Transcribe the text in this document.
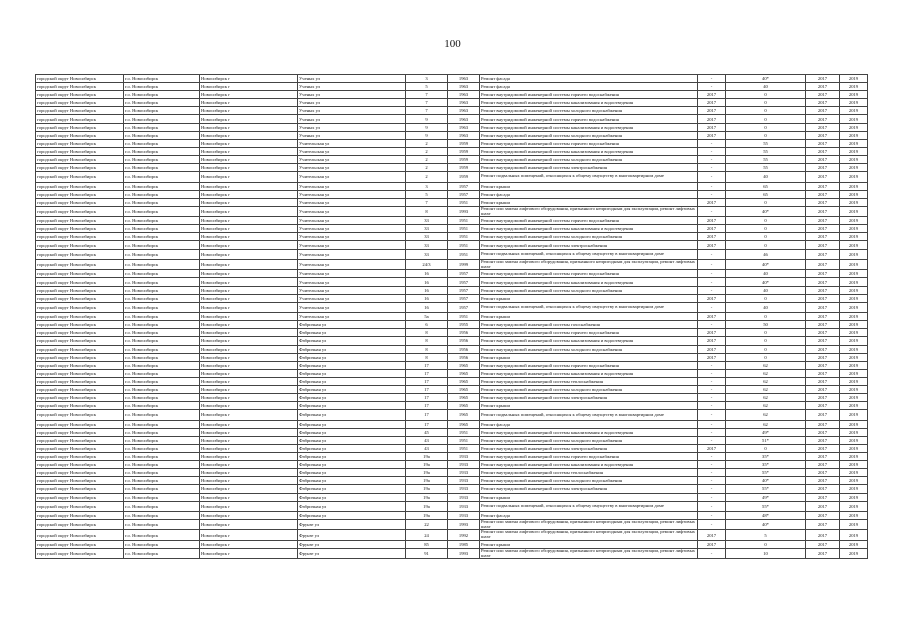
100
городской округ Новосибирск	г.о. Новосибирск	Новосибирск г	Ученых ул	3	1963	Ремонт фасада	-	40*	2017	2019
городской округ Новосибирск	г.о. Новосибирск	Новосибирск г	Ученых ул	5	1963	Ремонт фасада	-	40	2017	2019
городской округ Новосибирск	г.о. Новосибирск	Новосибирск г	Ученых ул	7	1963	Ремонт внутридомовой инженерной системы горячего водоснабжения	2017	0	2017	2019
городской округ Новосибирск	г.о. Новосибирск	Новосибирск г	Ученых ул	7	1963	Ремонт внутридомовой инженерной системы канализования и водоотведения	2017	0	2017	2019
городской округ Новосибирск	г.о. Новосибирск	Новосибирск г	Ученых ул	7	1963	Ремонт внутридомовой инженерной системы холодного водоснабжения	2017	0	2017	2019
городской округ Новосибирск	г.о. Новосибирск	Новосибирск г	Ученых ул	9	1963	Ремонт внутридомовой инженерной системы горячего водоснабжения	2017	0	2017	2019
городской округ Новосибирск	г.о. Новосибирск	Новосибирск г	Ученых ул	9	1963	Ремонт внутридомовой инженерной системы канализования и водоотведения	2017	0	2017	2019
городской округ Новосибирск	г.о. Новосибирск	Новосибирск г	Ученых ул	9	1963	Ремонт внутридомовой инженерной системы холодного водоснабжения	2017	0	2017	2019
городской округ Новосибирск	г.о. Новосибирск	Новосибирск г	Учительская ул	2	1959	Ремонт внутридомовой инженерной системы горячего водоснабжения	-	55	2017	2019
городской округ Новосибирск	г.о. Новосибирск	Новосибирск г	Учительская ул	2	1959	Ремонт внутридомовой инженерной системы канализования и водоотведения	-	55	2017	2019
городской округ Новосибирск	г.о. Новосибирск	Новосибирск г	Учительская ул	2	1959	Ремонт внутридомовой инженерной системы холодного водоснабжения	-	55	2017	2019
городской округ Новосибирск	г.о. Новосибирск	Новосибирск г	Учительская ул	2	1959	Ремонт внутридомовой инженерной системы электроснабжения	-	55	2017	2019
городской округ Новосибирск	г.о. Новосибирск	Новосибирск г	Учительская ул	2	1959	Ремонт подвальных помещений, относящихся к общему имуществу в многоквартирном доме	-	40	2017	2019
городской округ Новосибирск	г.о. Новосибирск	Новосибирск г	Учительская ул	3	1957	Ремонт крыши	-	65	2017	2019
городской округ Новосибирск	г.о. Новосибирск	Новосибирск г	Учительская ул	5	1957	Ремонт фасада	-	65	2017	2019
городской округ Новосибирск	г.о. Новосибирск	Новосибирск г	Учительская ул	7	1951	Ремонт крыши	2017	0	2017	2019
городской округ Новосибирск	г.о. Новосибирск	Новосибирск г	Учительская ул	8	1993	Ремонт или замена лифтового оборудования, признанного непригодным для эксплуатации, ремонт лифтовых шахт	-	40*	2017	2019
городской округ Новосибирск	г.о. Новосибирск	Новосибирск г	Учительская ул	33	1951	Ремонт внутридомовой инженерной системы горячего водоснабжения	2017	0	2017	2019
городской округ Новосибирск	г.о. Новосибирск	Новосибирск г	Учительская ул	33	1951	Ремонт внутридомовой инженерной системы канализования и водоотведения	2017	0	2017	2019
городской округ Новосибирск	г.о. Новосибирск	Новосибирск г	Учительская ул	33	1951	Ремонт внутридомовой инженерной системы холодного водоснабжения	2017	0	2017	2019
городской округ Новосибирск	г.о. Новосибирск	Новосибирск г	Учительская ул	33	1951	Ремонт внутридомовой инженерной системы электроснабжения	2017	0	2017	2019
городской округ Новосибирск	г.о. Новосибирск	Новосибирск г	Учительская ул	33	1951	Ремонт подвальных помещений, относящихся к общему имуществу в многоквартирном доме	-	46	2017	2019
городской округ Новосибирск	г.о. Новосибирск	Новосибирск г	Учительская ул	24/3	1999	Ремонт или замена лифтового оборудования, признанного непригодным для эксплуатации, ремонт лифтовых шахт	-	40*	2017	2019
городской округ Новосибирск	г.о. Новосибирск	Новосибирск г	Учительская ул	16	1957	Ремонт внутридомовой инженерной системы горячего водоснабжения	-	40	2017	2019
городской округ Новосибирск	г.о. Новосибирск	Новосибирск г	Учительская ул	16	1957	Ремонт внутридомовой инженерной системы канализования и водоотведения	-	40*	2017	2019
городской округ Новосибирск	г.о. Новосибирск	Новосибирск г	Учительская ул	16	1957	Ремонт внутридомовой инженерной системы холодного водоснабжения	-	40	2017	2019
городской округ Новосибирск	г.о. Новосибирск	Новосибирск г	Учительская ул	16	1957	Ремонт крыши	2017	0	2017	2019
городской округ Новосибирск	г.о. Новосибирск	Новосибирск г	Учительская ул	16	1957	Ремонт подвальных помещений, относящихся к общему имуществу в многоквартирном доме	-	40	2017	2019
городской округ Новосибирск	г.о. Новосибирск	Новосибирск г	Учительская ул	5а	1951	Ремонт крыши	2017	0	2017	2019
городской округ Новосибирск	г.о. Новосибирск	Новосибирск г	Фабричная ул	6	1955	Ремонт внутридомовой инженерной системы газоснабжения	-	50	2017	2019
городской округ Новосибирск	г.о. Новосибирск	Новосибирск г	Фабричная ул	8	1956	Ремонт внутридомовой инженерной системы горячего водоснабжения	2017	0	2017	2019
городской округ Новосибирск	г.о. Новосибирск	Новосибирск г	Фабричная ул	8	1956	Ремонт внутридомовой инженерной системы канализования и водоотведения	2017	0	2017	2019
городской округ Новосибирск	г.о. Новосибирск	Новосибирск г	Фабричная ул	8	1956	Ремонт внутридомовой инженерной системы холодного водоснабжения	2017	0	2017	2019
городской округ Новосибирск	г.о. Новосибирск	Новосибирск г	Фабричная ул	8	1956	Ремонт крыши	2017	0	2017	2019
городской округ Новосибирск	г.о. Новосибирск	Новосибирск г	Фабричная ул	17	1965	Ремонт внутридомовой инженерной системы горячего водоснабжения	-	62	2017	2019
городской округ Новосибирск	г.о. Новосибирск	Новосибирск г	Фабричная ул	17	1965	Ремонт внутридомовой инженерной системы канализования и водоотведения	-	62	2017	2019
городской округ Новосибирск	г.о. Новосибирск	Новосибирск г	Фабричная ул	17	1965	Ремонт внутридомовой инженерной системы теплоснабжения	-	62	2017	2019
городской округ Новосибирск	г.о. Новосибирск	Новосибирск г	Фабричная ул	17	1965	Ремонт внутридомовой инженерной системы холодного водоснабжения	-	62	2017	2019
городской округ Новосибирск	г.о. Новосибирск	Новосибирск г	Фабричная ул	17	1965	Ремонт внутридомовой инженерной системы электроснабжения	-	62	2017	2019
городской округ Новосибирск	г.о. Новосибирск	Новосибирск г	Фабричная ул	17	1965	Ремонт крыши	-	62	2017	2019
городской округ Новосибирск	г.о. Новосибирск	Новосибирск г	Фабричная ул	17	1965	Ремонт подвальных помещений, относящихся к общему имуществу в многоквартирном доме	-	62	2017	2019
городской округ Новосибирск	г.о. Новосибирск	Новосибирск г	Фабричная ул	17	1965	Ремонт фасада	-	62	2017	2019
городской округ Новосибирск	г.о. Новосибирск	Новосибирск г	Фабричная ул	45	1951	Ремонт внутридомовой инженерной системы канализования и водоотведения	-	49*	2017	2019
городской округ Новосибирск	г.о. Новосибирск	Новосибирск г	Фабричная ул	43	1951	Ремонт внутридомовой инженерной системы холодного водоснабжения	-	51*	2017	2019
городской округ Новосибирск	г.о. Новосибирск	Новосибирск г	Фабричная ул	43	1951	Ремонт внутридомовой инженерной системы электроснабжения	2017	0	2017	2019
городской округ Новосибирск	г.о. Новосибирск	Новосибирск г	Фабричная ул	19а	1933	Ремонт внутридомовой инженерной системы горячего водоснабжения	-	35*	2017	2019
городской округ Новосибирск	г.о. Новосибирск	Новосибирск г	Фабричная ул	19а	1933	Ремонт внутридомовой инженерной системы канализования и водоотведения	-	35*	2017	2019
городской округ Новосибирск	г.о. Новосибирск	Новосибирск г	Фабричная ул	19а	1933	Ремонт внутридомовой инженерной системы теплоснабжения	-	55*	2017	2019
городской округ Новосибирск	г.о. Новосибирск	Новосибирск г	Фабричная ул	19а	1933	Ремонт внутридомовой инженерной системы холодного водоснабжения	-	40*	2017	2019
городской округ Новосибирск	г.о. Новосибирск	Новосибирск г	Фабричная ул	19а	1933	Ремонт внутридомовой инженерной системы электроснабжения	-	55*	2017	2019
городской округ Новосибирск	г.о. Новосибирск	Новосибирск г	Фабричная ул	19а	1933	Ремонт крыши	-	49*	2017	2019
городской округ Новосибирск	г.о. Новосибирск	Новосибирск г	Фабричная ул	19а	1933	Ремонт подвальных помещений, относящихся к общему имуществу в многоквартирном доме	-	55*	2017	2019
городской округ Новосибирск	г.о. Новосибирск	Новосибирск г	Фабричная ул	19а	1933	Ремонт фасада	-	48*	2017	2019
городской округ Новосибирск	г.о. Новосибирск	Новосибирск г	Фрунзе ул	22	1993	Ремонт или замена лифтового оборудования, признанного непригодным для эксплуатации, ремонт лифтовых шахт	-	40*	2017	2019
городской округ Новосибирск	г.о. Новосибирск	Новосибирск г	Фрунзе ул	24	1992	Ремонт или замена лифтового оборудования, признанного непригодным для эксплуатации, ремонт лифтовых шахт	2017	5	2017	2019
городской округ Новосибирск	г.о. Новосибирск	Новосибирск г	Фрунзе ул	85	1985	Ремонт крыши	2017	0	2017	2019
городской округ Новосибирск	г.о. Новосибирск	Новосибирск г	Фрунзе ул	91	1993	Ремонт или замена лифтового оборудования, признанного непригодным для эксплуатации, ремонт лифтовых шахт	-	10	2017	2019
